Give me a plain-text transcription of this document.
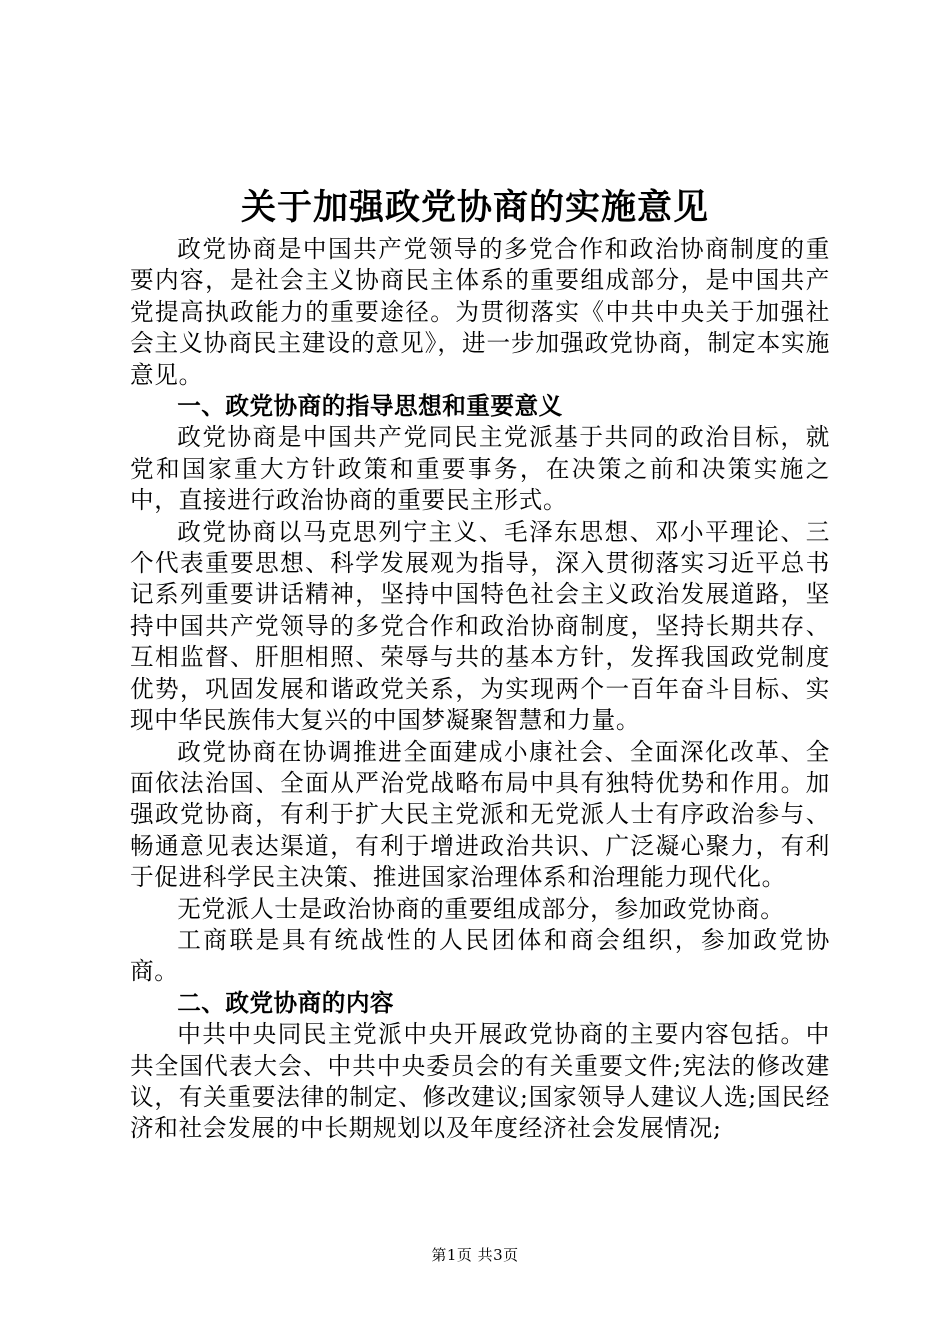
关于加强政党协商的实施意见

政党协商是中国共产党领导的多党合作和政治协商制度的重要内容，是社会主义协商民主体系的重要组成部分，是中国共产党提高执政能力的重要途径。为贯彻落实《中共中央关于加强社会主义协商民主建设的意见》，进一步加强政党协商，制定本实施意见。

一、政党协商的指导思想和重要意义

政党协商是中国共产党同民主党派基于共同的政治目标，就党和国家重大方针政策和重要事务，在决策之前和决策实施之中，直接进行政治协商的重要民主形式。

政党协商以马克思列宁主义、毛泽东思想、邓小平理论、三个代表重要思想、科学发展观为指导，深入贯彻落实习近平总书记系列重要讲话精神，坚持中国特色社会主义政治发展道路，坚持中国共产党领导的多党合作和政治协商制度，坚持长期共存、互相监督、肝胆相照、荣辱与共的基本方针，发挥我国政党制度优势，巩固发展和谐政党关系，为实现两个一百年奋斗目标、实现中华民族伟大复兴的中国梦凝聚智慧和力量。

政党协商在协调推进全面建成小康社会、全面深化改革、全面依法治国、全面从严治党战略布局中具有独特优势和作用。加强政党协商，有利于扩大民主党派和无党派人士有序政治参与、畅通意见表达渠道，有利于增进政治共识、广泛凝心聚力，有利于促进科学民主决策、推进国家治理体系和治理能力现代化。

无党派人士是政治协商的重要组成部分，参加政党协商。

工商联是具有统战性的人民团体和商会组织，参加政党协商。

二、政党协商的内容

中共中央同民主党派中央开展政党协商的主要内容包括。中共全国代表大会、中共中央委员会的有关重要文件;宪法的修改建议，有关重要法律的制定、修改建议;国家领导人建议人选;国民经济和社会发展的中长期规划以及年度经济社会发展情况;

第1页 共3页
